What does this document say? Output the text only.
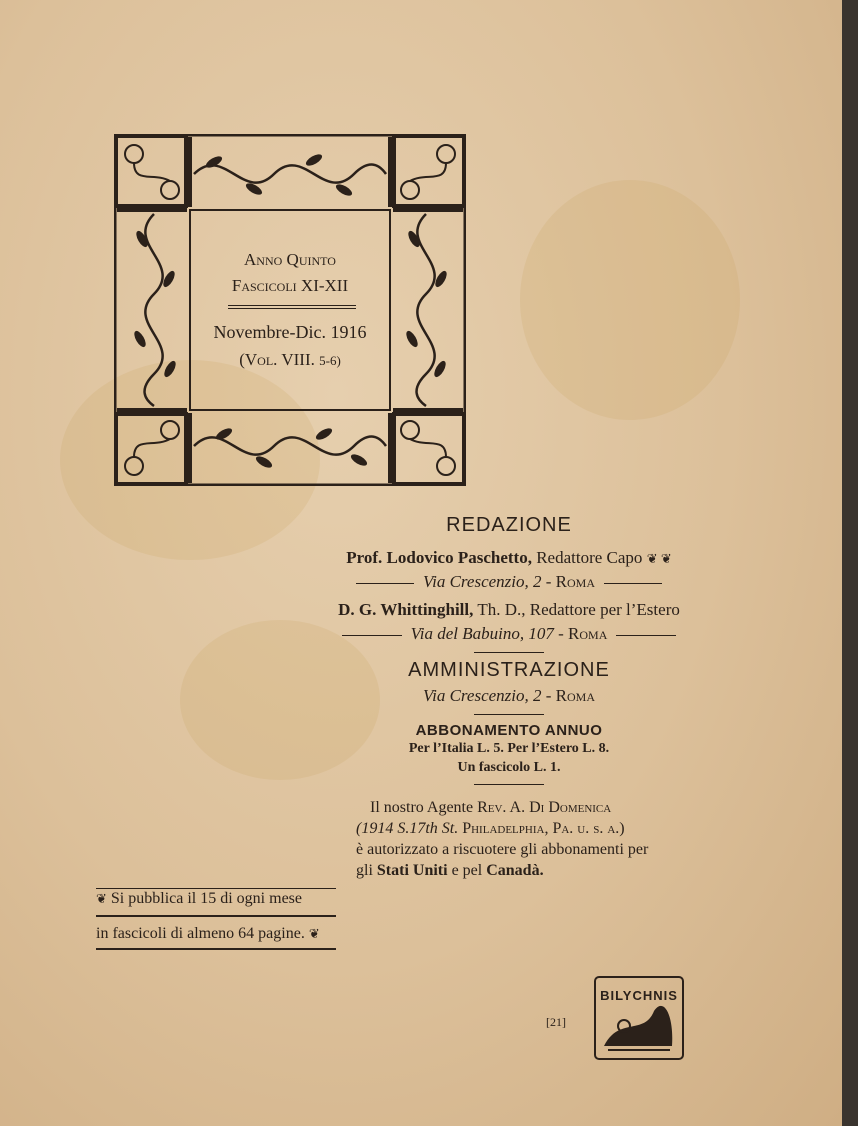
Anno Quinto
Fascicoli XI-XII
Novembre-Dic. 1916
(Vol. VIII. 5-6)
REDAZIONE
Prof. Lodovico Paschetto, Redattore Capo ❦ ❦
Via Crescenzio, 2 - Roma
D. G. Whittinghill, Th. D., Redattore per l’Estero
Via del Babuino, 107 - Roma
AMMINISTRAZIONE
Via Crescenzio, 2 - Roma
ABBONAMENTO ANNUO
Per l’Italia L. 5. Per l’Estero L. 8.
Un fascicolo L. 1.
Il nostro Agente Rev. A. Di Domenica
(1914 S.17th St. Philadelphia, Pa. u. s. a.)
è autorizzato a riscuotere gli abbonamenti per
gli Stati Uniti e pel Canadà.
❦ Si pubblica il 15 di ogni mese
in fascicoli di almeno 64 pagine. ❦
[21]
BILYCHNIS
